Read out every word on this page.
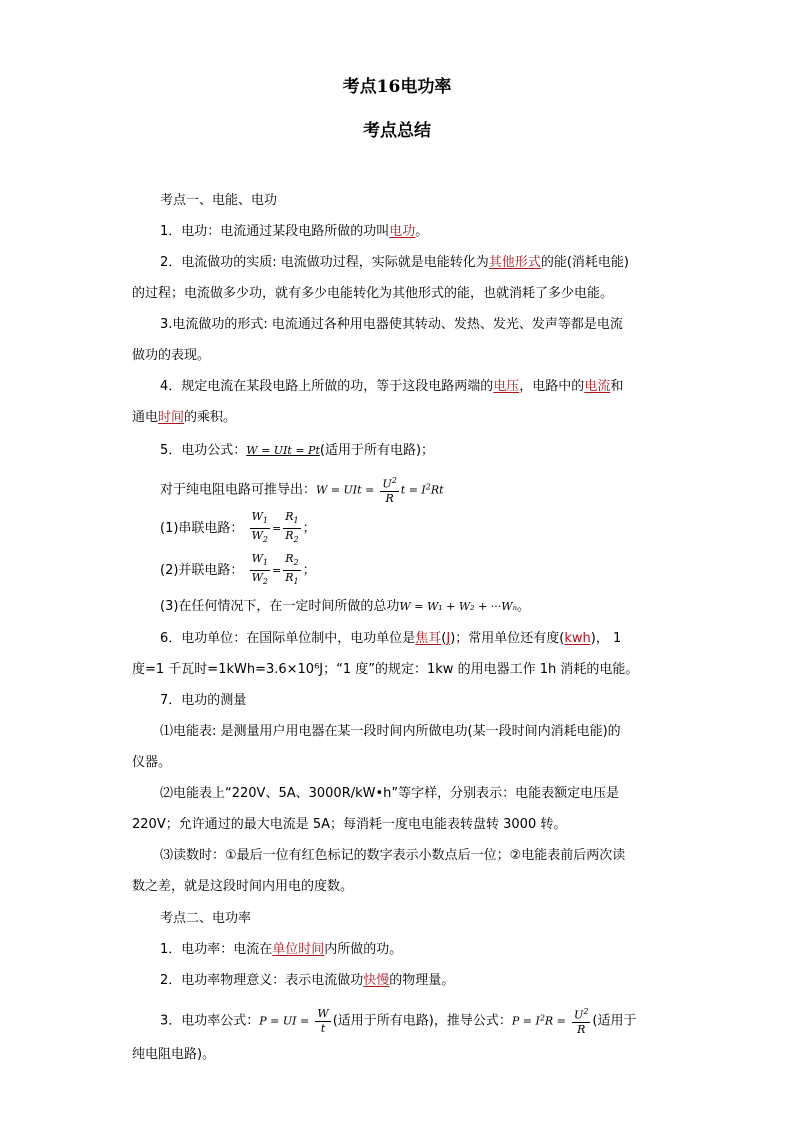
考点16电功率
考点总结
考点一、电能、电功
1．电功：电流通过某段电路所做的功叫电功。
2．电流做功的实质: 电流做功过程，实际就是电能转化为其他形式的能(消耗电能)
的过程；电流做多少功，就有多少电能转化为其他形式的能，也就消耗了多少电能。
3.电流做功的形式: 电流通过各种用电器使其转动、发热、发光、发声等都是电流
做功的表现。
4．规定电流在某段电路上所做的功，等于这段电路两端的电压，电路中的电流和
通电时间的乘积。
5．电功公式：W = UIt = Pt(适用于所有电路)；
对于纯电阻电路可推导出：W = UIt = $\frac{U^2}{R}$ $t = I^2Rt$
(1)串联电路： $\frac{W_1}{W_2} = \frac{R_1}{R_2}$ ；
(2)并联电路： $\frac{W_1}{W_2} = \frac{R_2}{R_1}$ ；
(3)在任何情况下，在一定时间所做的总功W = W₁ + W₂ + ···Wₙ。
6．电功单位：在国际单位制中，电功单位是焦耳(J)；常用单位还有度(kwh)， 1
度=1 千瓦时=1kWh=3.6×10⁶J；“1 度”的规定：1kw 的用电器工作 1h 消耗的电能。
7．电功的测量
⑴电能表: 是测量用户用电器在某一段时间内所做电功(某一段时间内消耗电能)的
仪器。
⑵电能表上“220V、5A、3000R/kW•h”等字样，分别表示：电能表额定电压是
220V；允许通过的最大电流是 5A；每消耗一度电电能表转盘转 3000 转。
⑶读数时：①最后一位有红色标记的数字表示小数点后一位；②电能表前后两次读
数之差，就是这段时间内用电的度数。
考点二、电功率
1．电功率：电流在单位时间内所做的功。
2．电功率物理意义：表示电流做功快慢的物理量。
3．电功率公式：P = UI = $\frac{W}{t}$ (适用于所有电路)，推导公式：$P = I^2R = \frac{U^2}{R}$ (适用于
纯电阻电路)。
